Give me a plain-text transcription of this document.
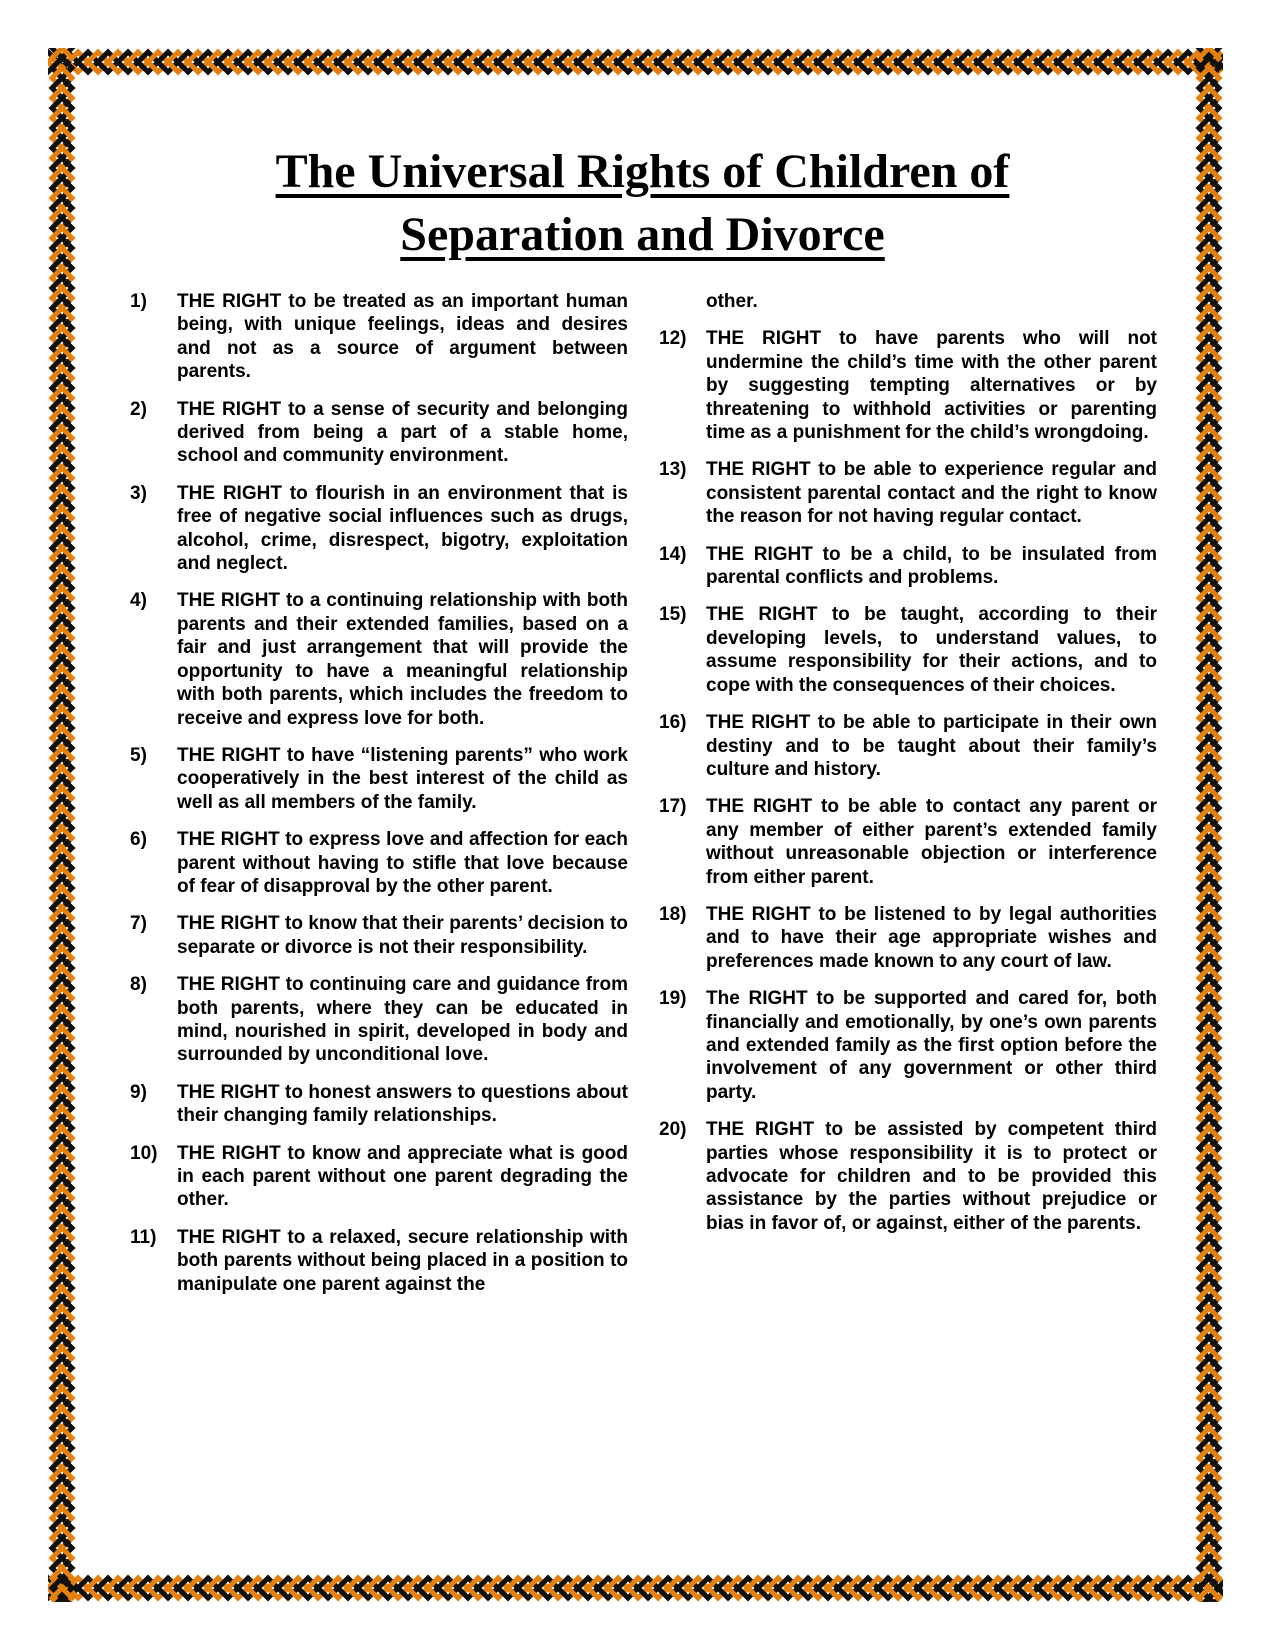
The Universal Rights of Children of
Separation and Divorce
1) THE RIGHT to be treated as an important human being, with unique feelings, ideas and desires and not as a source of argument between parents.
2) THE RIGHT to a sense of security and belonging derived from being a part of a stable home, school and community environment.
3) THE RIGHT to flourish in an environment that is free of negative social influences such as drugs, alcohol, crime, disrespect, bigotry, exploitation and neglect.
4) THE RIGHT to a continuing relationship with both parents and their extended families, based on a fair and just arrangement that will provide the opportunity to have a meaningful relationship with both parents, which includes the freedom to receive and express love for both.
5) THE RIGHT to have “listening parents” who work cooperatively in the best interest of the child as well as all members of the family.
6) THE RIGHT to express love and affection for each parent without having to stifle that love because of fear of disapproval by the other parent.
7) THE RIGHT to know that their parents’ decision to separate or divorce is not their responsibility.
8) THE RIGHT to continuing care and guidance from both parents, where they can be educated in mind, nourished in spirit, developed in body and surrounded by unconditional love.
9) THE RIGHT to honest answers to questions about their changing family relationships.
10) THE RIGHT to know and appreciate what is good in each parent without one parent degrading the other.
11) THE RIGHT to a relaxed, secure relationship with both parents without being placed in a position to manipulate one parent against the
other.
12) THE RIGHT to have parents who will not undermine the child’s time with the other parent by suggesting tempting alternatives or by threatening to withhold activities or parenting time as a punishment for the child’s wrongdoing.
13) THE RIGHT to be able to experience regular and consistent parental contact and the right to know the reason for not having regular contact.
14) THE RIGHT to be a child, to be insulated from parental conflicts and problems.
15) THE RIGHT to be taught, according to their developing levels, to understand values, to assume responsibility for their actions, and to cope with the consequences of their choices.
16) THE RIGHT to be able to participate in their own destiny and to be taught about their family’s culture and history.
17) THE RIGHT to be able to contact any parent or any member of either parent’s extended family without unreasonable objection or interference from either parent.
18) THE RIGHT to be listened to by legal authorities and to have their age appropriate wishes and preferences made known to any court of law.
19) The RIGHT to be supported and cared for, both financially and emotionally, by one’s own parents and extended family as the first option before the involvement of any government or other third party.
20) THE RIGHT to be assisted by competent third parties whose responsibility it is to protect or advocate for children and to be provided this assistance by the parties without prejudice or bias in favor of, or against, either of the parents.
